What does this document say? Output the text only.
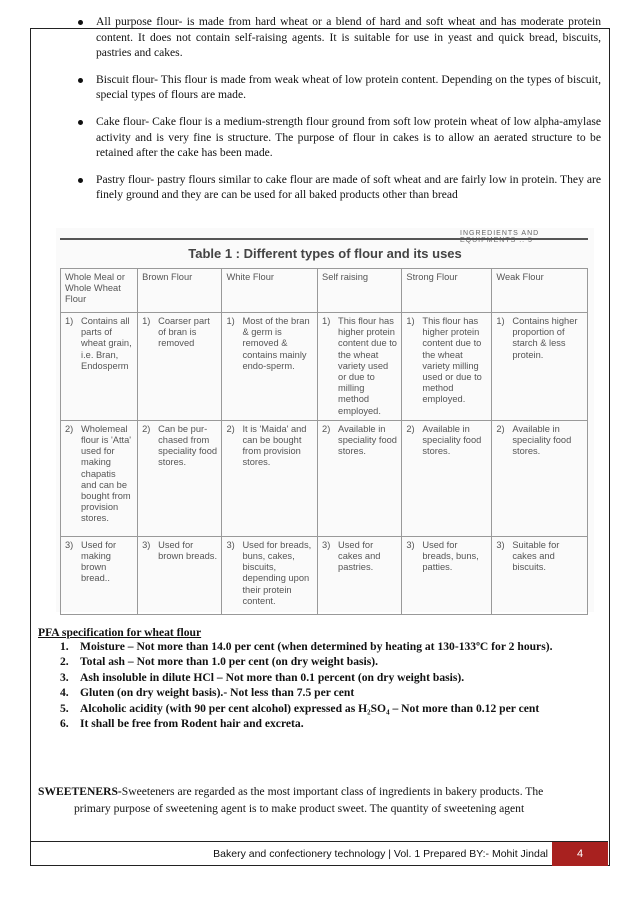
All purpose flour- is made from hard wheat or a blend of hard and soft wheat and has moderate protein content. It does not contain self-raising agents. It is suitable for use in yeast and quick bread, biscuits, pastries and cakes.
Biscuit flour- This flour is made from weak wheat of low protein content. Depending on the types of biscuit, special types of flours are made.
Cake flour- Cake flour is a medium-strength flour ground from soft low protein wheat of low alpha-amylase activity and is very fine is structure. The purpose of flour in cakes is to allow an aerated structure to be retained after the cake has been made.
Pastry flour- pastry flours similar to cake flour are made of soft wheat and are fairly low in protein. They are finely ground and they are can be used for all baked products other than bread
INGREDIENTS AND EQUIPMENTS :: 5
Table 1 : Different types of flour and its uses
Whole Meal or Whole Wheat Flour	Brown Flour	White Flour	Self raising	Strong Flour	Weak Flour

1) Contains all parts of wheat grain, i.e. Bran, Endosperm	1) Coarser part of bran is removed	1) Most of the bran & germ is removed & contains mainly endo-sperm.	1) This flour has higher protein content due to the wheat variety used or due to milling method employed.	1) This flour has higher protein content due to the wheat variety milling used or due to method employed.	1) Contains higher proportion of starch & less protein.

2) Wholemeal flour is 'Atta' used for making chapatis and can be bought from provision stores.	2) Can be pur-chased from speciality food stores.	2) It is 'Maida' and can be bought from provision stores.	2) Available in speciality food stores.	2) Available in speciality food stores.	2) Available in speciality food stores.

3) Used for making brown bread..	3) Used for brown breads.	3) Used for breads, buns, cakes, biscuits, depending upon their protein content.	3) Used for cakes and pastries.	3) Used for breads, buns, patties.	3) Suitable for cakes and biscuits.
PFA specification for wheat flour
1. Moisture – Not more than 14.0 per cent (when determined by heating at 130-133ºC for 2 hours).
2. Total ash – Not more than 1.0 per cent (on dry weight basis).
3. Ash insoluble in dilute HCl – Not more than 0.1 percent (on dry weight basis).
4. Gluten (on dry weight basis).- Not less than 7.5 per cent
5. Alcoholic acidity (with 90 per cent alcohol) expressed as H₂SO₄ – Not more than 0.12 per cent
6. It shall be free from Rodent hair and excreta.
SWEETENERS-Sweeteners are regarded as the most important class of ingredients in bakery products. The
primary purpose of sweetening agent is to make product sweet. The quantity of sweetening agent
Bakery and confectionery technology | Vol. 1 Prepared BY:- Mohit Jindal	4
